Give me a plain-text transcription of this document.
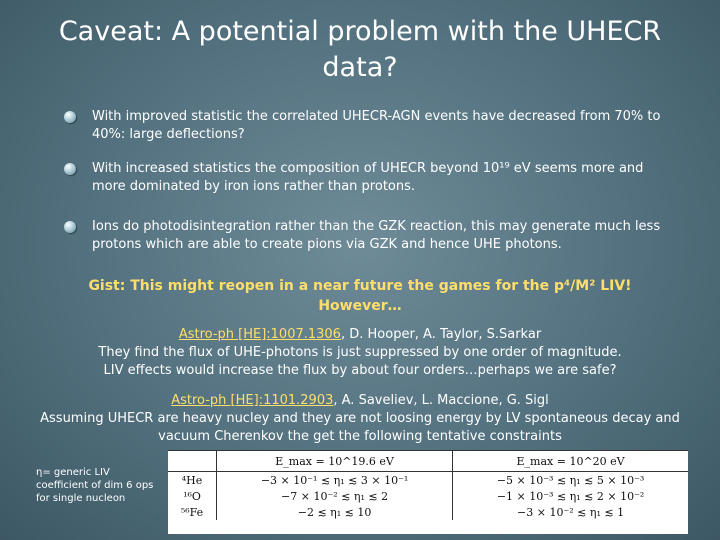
Caveat: A potential problem with the UHECR data?
With improved statistic the correlated UHECR-AGN events have decreased from 70% to 40%: large deflections?
With increased statistics the composition of UHECR beyond 10¹⁹ eV seems more and more dominated by iron ions rather than protons.
Ions do photodisintegration rather than the GZK reaction, this may generate much less protons which are able to create pions via GZK and hence UHE photons.
Gist: This might reopen in a near future the games for the p⁴/M² LIV!
However…
Astro-ph [HE]:1007.1306, D. Hooper, A. Taylor, S.Sarkar
They find the flux of UHE-photons is just suppressed by one order of magnitude.
LIV effects would increase the flux by about four orders…perhaps we are safe?
Astro-ph [HE]:1101.2903, A. Saveliev, L. Maccione, G. Sigl
Assuming UHECR are heavy nucley and they are not loosing energy by LV spontaneous decay and
vacuum Cherenkov the get the following tentative constraints
η= generic LIV coefficient of dim 6 ops for single nucleon
	E_max = 10^19.6 eV	E_max = 10^20 eV
⁴He	−3 × 10⁻¹ ≲ η₁ ≲ 3 × 10⁻¹	−5 × 10⁻³ ≲ η₁ ≲ 5 × 10⁻³
¹⁶O	−7 × 10⁻² ≲ η₁ ≲ 2	−1 × 10⁻³ ≲ η₁ ≲ 2 × 10⁻²
⁵⁶Fe	−2 ≲ η₁ ≲ 10	−3 × 10⁻² ≲ η₁ ≲ 1
